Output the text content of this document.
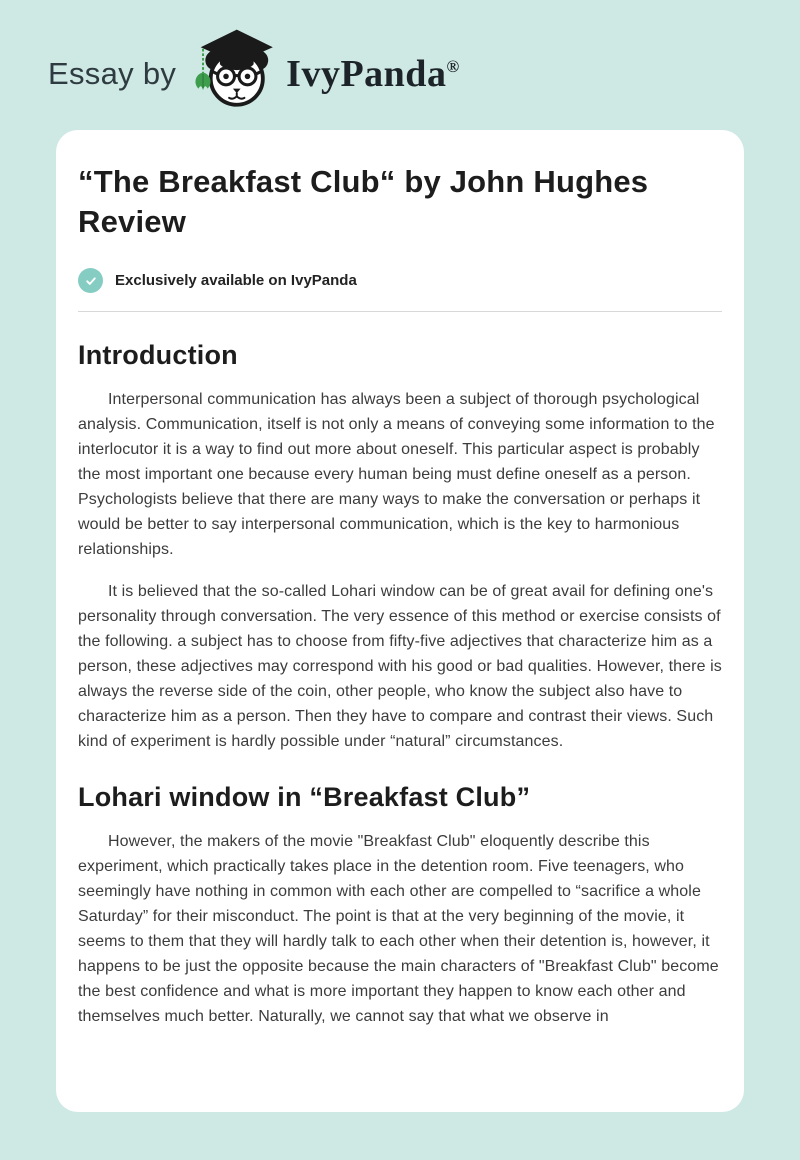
Essay by	IvyPanda®
“The Breakfast Club“ by John Hughes Review
Exclusively available on IvyPanda
Introduction

Interpersonal communication has always been a subject of thorough psychological analysis. Communication, itself is not only a means of conveying some information to the interlocutor it is a way to find out more about oneself. This particular aspect is probably the most important one because every human being must define oneself as a person. Psychologists believe that there are many ways to make the conversation or perhaps it would be better to say interpersonal communication, which is the key to harmonious relationships.

It is believed that the so-called Lohari window can be of great avail for defining one's personality through conversation. The very essence of this method or exercise consists of the following. a subject has to choose from fifty-five adjectives that characterize him as a person, these adjectives may correspond with his good or bad qualities. However, there is always the reverse side of the coin, other people, who know the subject also have to characterize him as a person. Then they have to compare and contrast their views. Such kind of experiment is hardly possible under “natural” circumstances.

Lohari window in “Breakfast Club”

However, the makers of the movie "Breakfast Club" eloquently describe this experiment, which practically takes place in the detention room. Five teenagers, who seemingly have nothing in common with each other are compelled to “sacrifice a whole Saturday” for their misconduct. The point is that at the very beginning of the movie, it seems to them that they will hardly talk to each other when their detention is, however, it happens to be just the opposite because the main characters of "Breakfast Club" become the best confidence and what is more important they happen to know each other and themselves much better. Naturally, we cannot say that what we observe in
